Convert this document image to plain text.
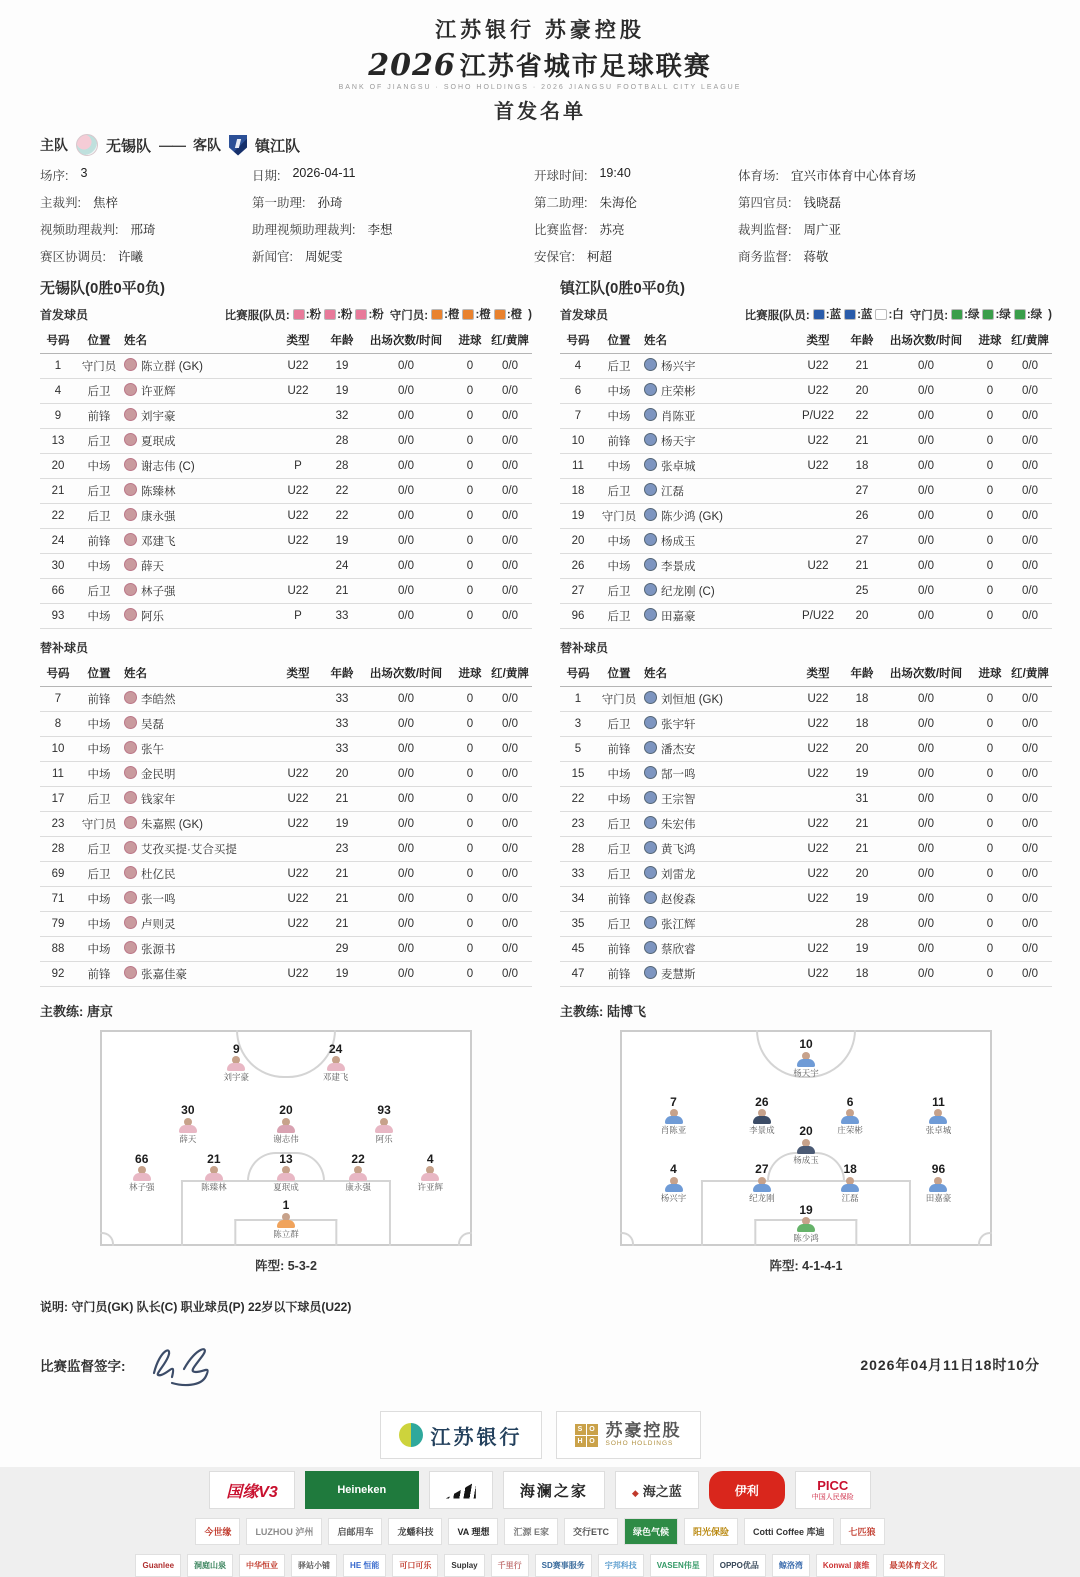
江苏银行 苏豪控股
2026 江苏省城市足球联赛
BANK OF JIANGSU · SOHO HOLDINGS · 2026 JIANGSU FOOTBALL CITY LEAGUE
首发名单
主队	无锡队 —— 客队 镇江队
场序: 3	日期: 2026-04-11	开球时间: 19:40	体育场: 宜兴市体育中心体育场
主裁判: 焦梓	第一助理: 孙琦	第二助理: 朱海伦	第四官员: 钱晓磊
视频助理裁判: 邢琦	助理视频助理裁判: 李想	比赛监督: 苏亮	裁判监督: 周广亚
赛区协调员: 许曦	新闻官: 周妮雯	安保官: 柯超	商务监督: 蒋敬
无锡队(0胜0平0负)
首发球员	比赛服(队员: :粉 :粉 :粉 守门员: :橙 :橙 :橙 )
号码	位置	姓名	类型	年龄	出场次数/时间	进球	红/黄牌
1	守门员	陈立群 (GK)	U22	19	0/0	0	0/0
4	后卫	许亚辉	U22	19	0/0	0	0/0
9	前锋	刘宇豪		32	0/0	0	0/0
13	后卫	夏珉成		28	0/0	0	0/0
20	中场	谢志伟 (C)	P	28	0/0	0	0/0
21	后卫	陈臻林	U22	22	0/0	0	0/0
22	后卫	康永强	U22	22	0/0	0	0/0
24	前锋	邓建飞	U22	19	0/0	0	0/0
30	中场	薛天		24	0/0	0	0/0
66	后卫	林子强	U22	21	0/0	0	0/0
93	中场	阿乐	P	33	0/0	0	0/0
替补球员
号码	位置	姓名	类型	年龄	出场次数/时间	进球	红/黄牌
7	前锋	李皓然		33	0/0	0	0/0
8	中场	吴磊		33	0/0	0	0/0
10	中场	张午		33	0/0	0	0/0
11	中场	金民明	U22	20	0/0	0	0/0
17	后卫	钱家年	U22	21	0/0	0	0/0
23	守门员	朱嘉熙 (GK)	U22	19	0/0	0	0/0
28	后卫	艾孜买提·艾合买提		23	0/0	0	0/0
69	后卫	杜亿民	U22	21	0/0	0	0/0
71	中场	张一鸣	U22	21	0/0	0	0/0
79	中场	卢则灵	U22	21	0/0	0	0/0
88	中场	张源书		29	0/0	0	0/0
92	前锋	张嘉佳豪	U22	19	0/0	0	0/0
主教练: 唐京
9
刘宇豪
24
邓建飞
30
薛天
20
谢志伟
93
阿乐
66
林子强
21
陈臻林
13
夏珉成
22
康永强
4
许亚辉
1
陈立群
阵型: 5-3-2
镇江队(0胜0平0负)
首发球员	比赛服(队员: :蓝 :蓝 :白 守门员: :绿 :绿 :绿 )
号码	位置	姓名	类型	年龄	出场次数/时间	进球	红/黄牌
4	后卫	杨兴宇	U22	21	0/0	0	0/0
6	中场	庄荣彬	U22	20	0/0	0	0/0
7	中场	肖陈亚	P/U22	22	0/0	0	0/0
10	前锋	杨天宇	U22	21	0/0	0	0/0
11	中场	张卓城	U22	18	0/0	0	0/0
18	后卫	江磊		27	0/0	0	0/0
19	守门员	陈少鸿 (GK)		26	0/0	0	0/0
20	中场	杨成玉		27	0/0	0	0/0
26	中场	李景成	U22	21	0/0	0	0/0
27	后卫	纪龙刚 (C)		25	0/0	0	0/0
96	后卫	田嘉豪	P/U22	20	0/0	0	0/0
替补球员
号码	位置	姓名	类型	年龄	出场次数/时间	进球	红/黄牌
1	守门员	刘恒旭 (GK)	U22	18	0/0	0	0/0
3	后卫	张宇轩	U22	18	0/0	0	0/0
5	前锋	潘杰安	U22	20	0/0	0	0/0
15	中场	郜一鸣	U22	19	0/0	0	0/0
22	中场	王宗智		31	0/0	0	0/0
23	后卫	朱宏伟	U22	21	0/0	0	0/0
28	后卫	黄飞鸿	U22	21	0/0	0	0/0
33	后卫	刘雷龙	U22	20	0/0	0	0/0
34	前锋	赵俊森	U22	19	0/0	0	0/0
35	后卫	张江辉		28	0/0	0	0/0
45	前锋	蔡欣睿	U22	19	0/0	0	0/0
47	前锋	麦慧斯	U22	18	0/0	0	0/0
主教练: 陆博飞
10
杨天宇
7
肖陈亚
26
李景成
6
庄荣彬
11
张卓城
20
杨成玉
4
杨兴宇
27
纪龙刚
18
江磊
96
田嘉豪
19
陈少鸿
阵型: 4-1-4-1
说明: 守门员(GK) 队长(C) 职业球员(P) 22岁以下球员(U22)
比赛监督签字:	2026年04月11日18时10分
江苏银行	S O
H O
苏豪控股
SOHO HOLDINGS
国缘V3	Heineken	海澜之家	◆ 海之蓝	伊利	PICC
中国人民保险
今世缘	LUZHOU 泸州	启邮用车	龙蟠科技	VA 理想	汇源 E家	交行ETC	绿色气候	阳光保险	Cotti Coffee 库迪	七匹狼
Guanlee	洞庭山泉	中华恒业	驿站小铺	HE 恒能	可口可乐	Suplay	千里行	SD赛事服务	宇邦科技	VASEN伟星	OPPO优品	鲸洛湾	Konwal 康维	最美体育文化
